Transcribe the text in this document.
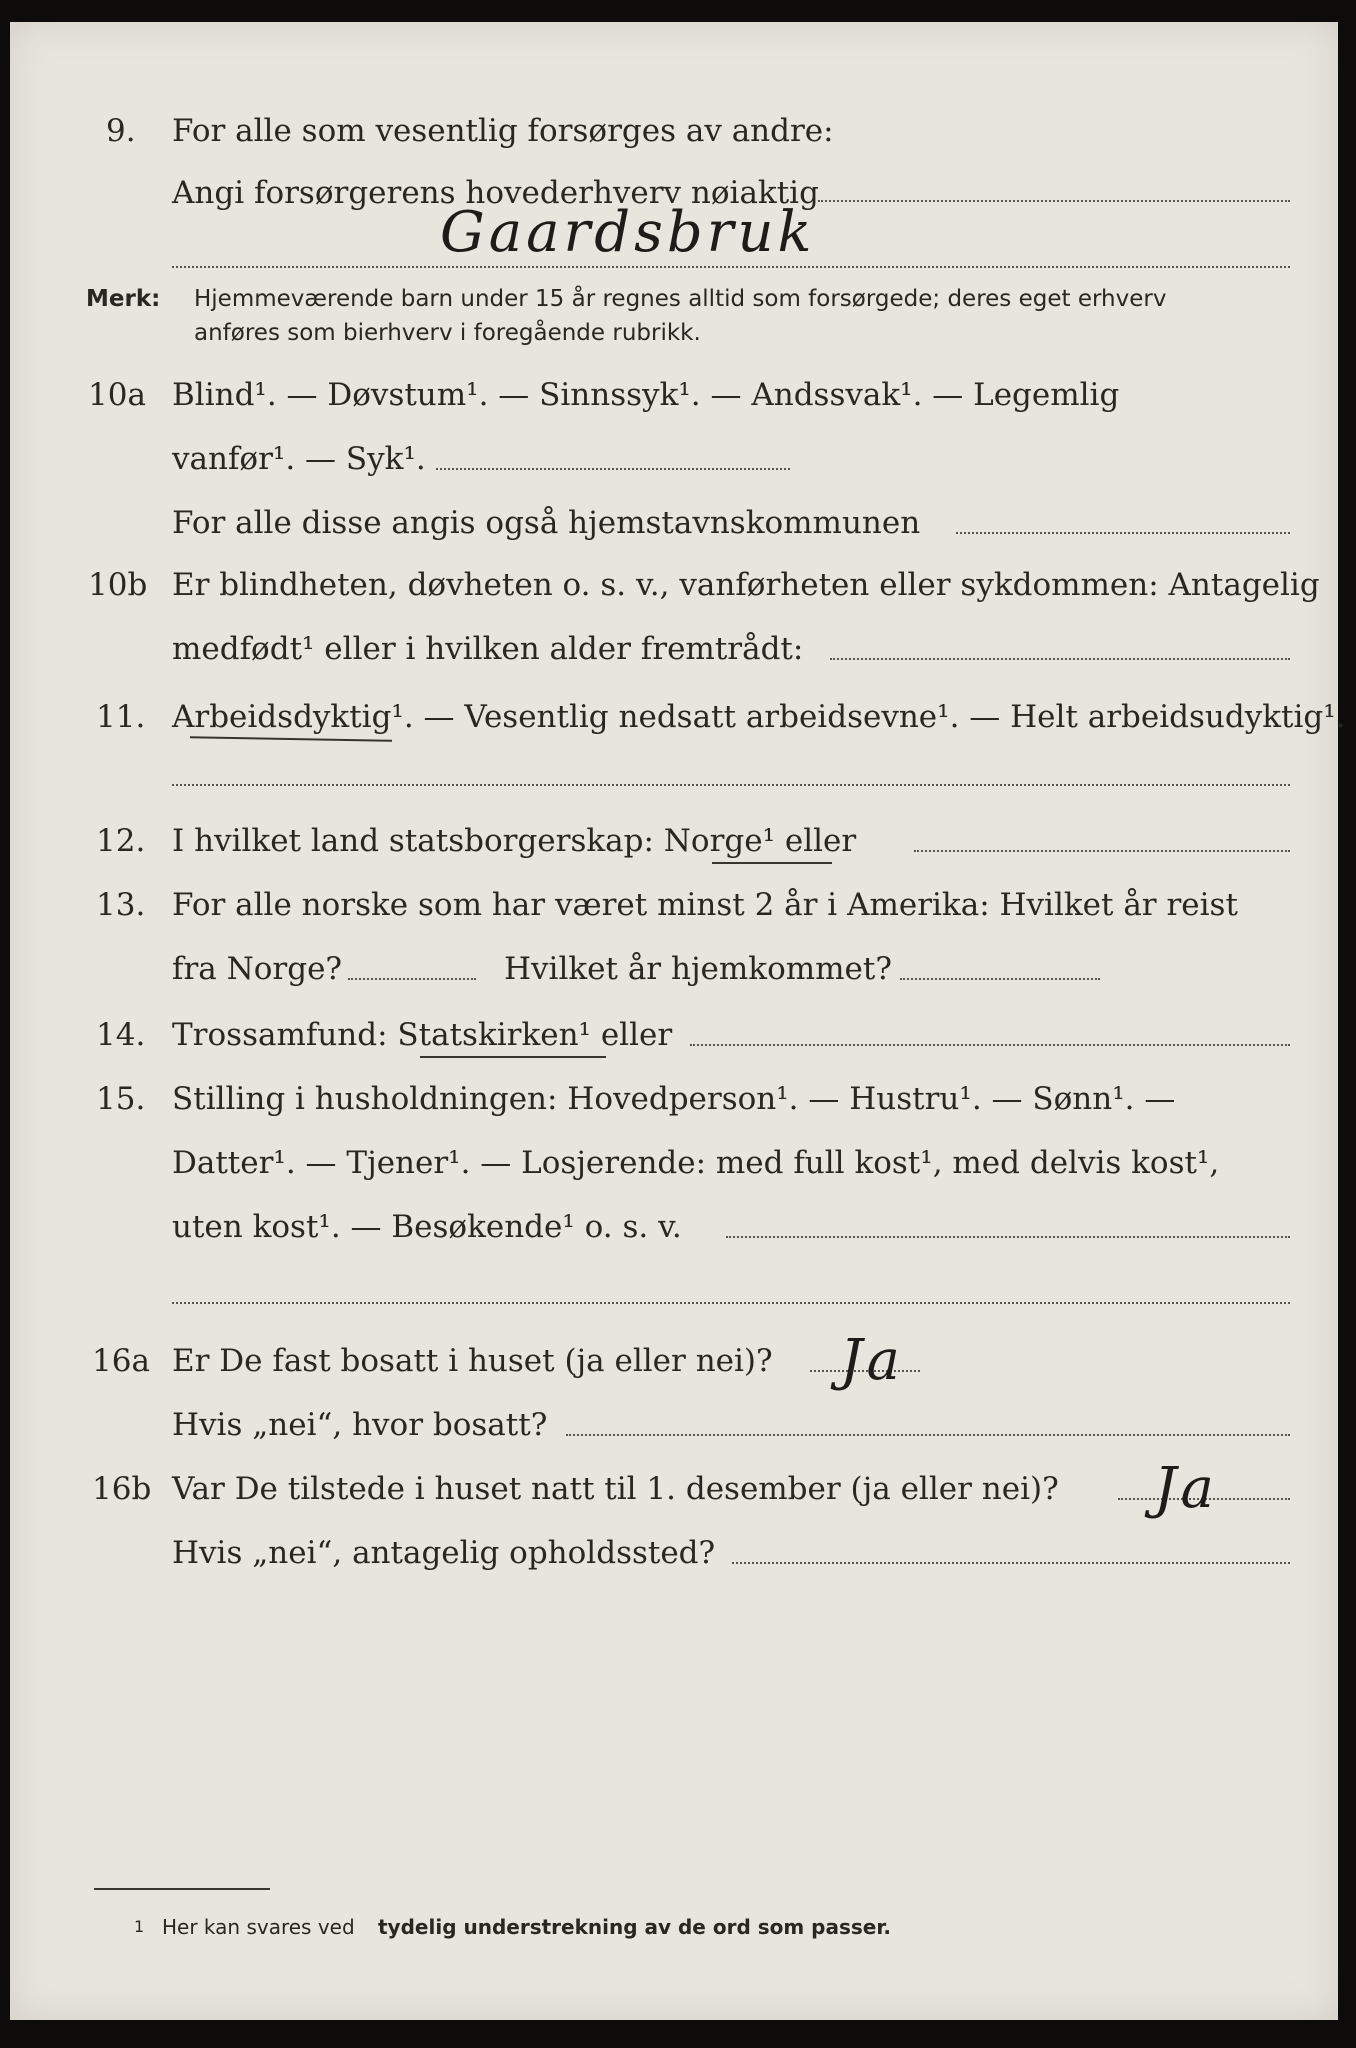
9. For alle som vesentlig forsørges av andre:
Angi forsørgerens hovederhverv nøiaktig
Gaardsbruk
Merk: Hjemmeværende barn under 15 år regnes alltid som forsørgede; deres eget erhverv
anføres som bierhverv i foregående rubrikk.
10a Blind¹. — Døvstum¹. — Sinnssyk¹. — Andssvak¹. — Legemlig
vanfør¹. — Syk¹.
For alle disse angis også hjemstavnskommunen
10b Er blindheten, døvheten o. s. v., vanførheten eller sykdommen: Antagelig
medfødt¹ eller i hvilken alder fremtrådt:
11. Arbeidsdyktig¹. — Vesentlig nedsatt arbeidsevne¹. — Helt arbeidsudyktig¹.
12. I hvilket land statsborgerskap: Norge¹ eller
13. For alle norske som har været minst 2 år i Amerika: Hvilket år reist
fra Norge?	Hvilket år hjemkommet?
14. Trossamfund: Statskirken¹ eller
15. Stilling i husholdningen: Hovedperson¹. — Hustru¹. — Sønn¹. —
Datter¹. — Tjener¹. — Losjerende: med full kost¹, med delvis kost¹,
uten kost¹. — Besøkende¹ o. s. v.
16a Er De fast bosatt i huset (ja eller nei)? Ja
Hvis „nei“, hvor bosatt?
16b Var De tilstede i huset natt til 1. desember (ja eller nei)? Ja
Hvis „nei“, antagelig opholdssted?
1 Her kan svares ved tydelig understrekning av de ord som passer.
